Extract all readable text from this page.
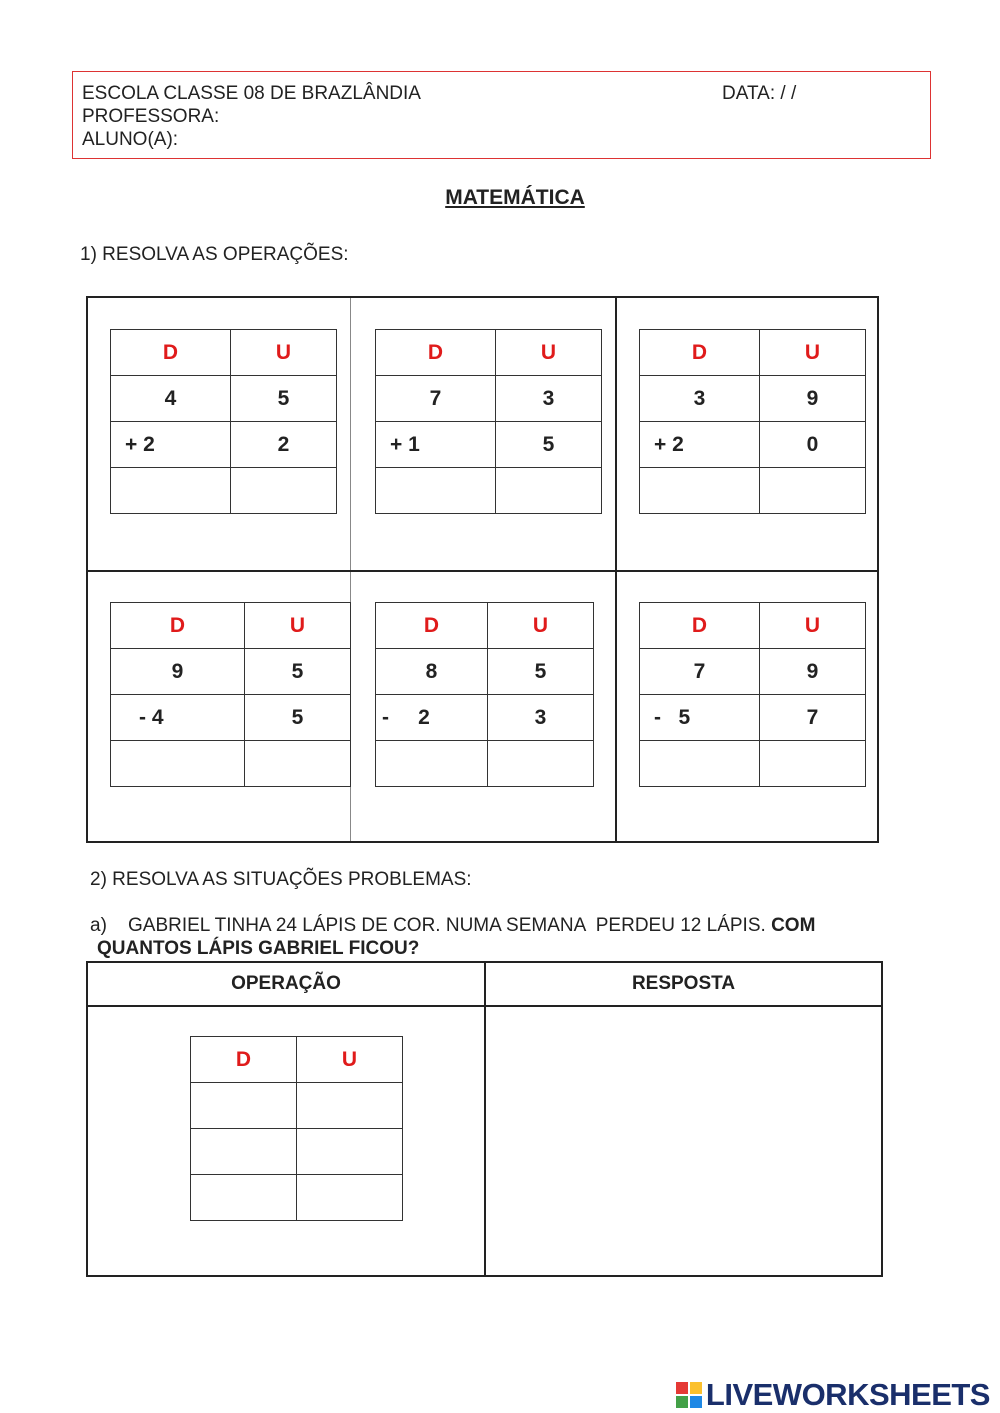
ESCOLA CLASSE 08 DE BRAZLÂNDIA	DATA: / /
PROFESSORA:
ALUNO(A):
MATEMÁTICA
1) RESOLVA AS OPERAÇÕES:
D	U
4	5
+ 2	2

D	U
7	3
+ 1	5

D	U
3	9
+ 2	0

D	U
9	5
- 4	5

D	U
8	5
-     2	3

D	U
7	9
-   5	7

2) RESOLVA AS SITUAÇÕES PROBLEMAS:
a)    GABRIEL TINHA 24 LÁPIS DE COR. NUMA SEMANA  PERDEU 12 LÁPIS. COM
QUANTOS LÁPIS GABRIEL FICOU?
OPERAÇÃO	RESPOSTA
D	U

LIVEWORKSHEETS
